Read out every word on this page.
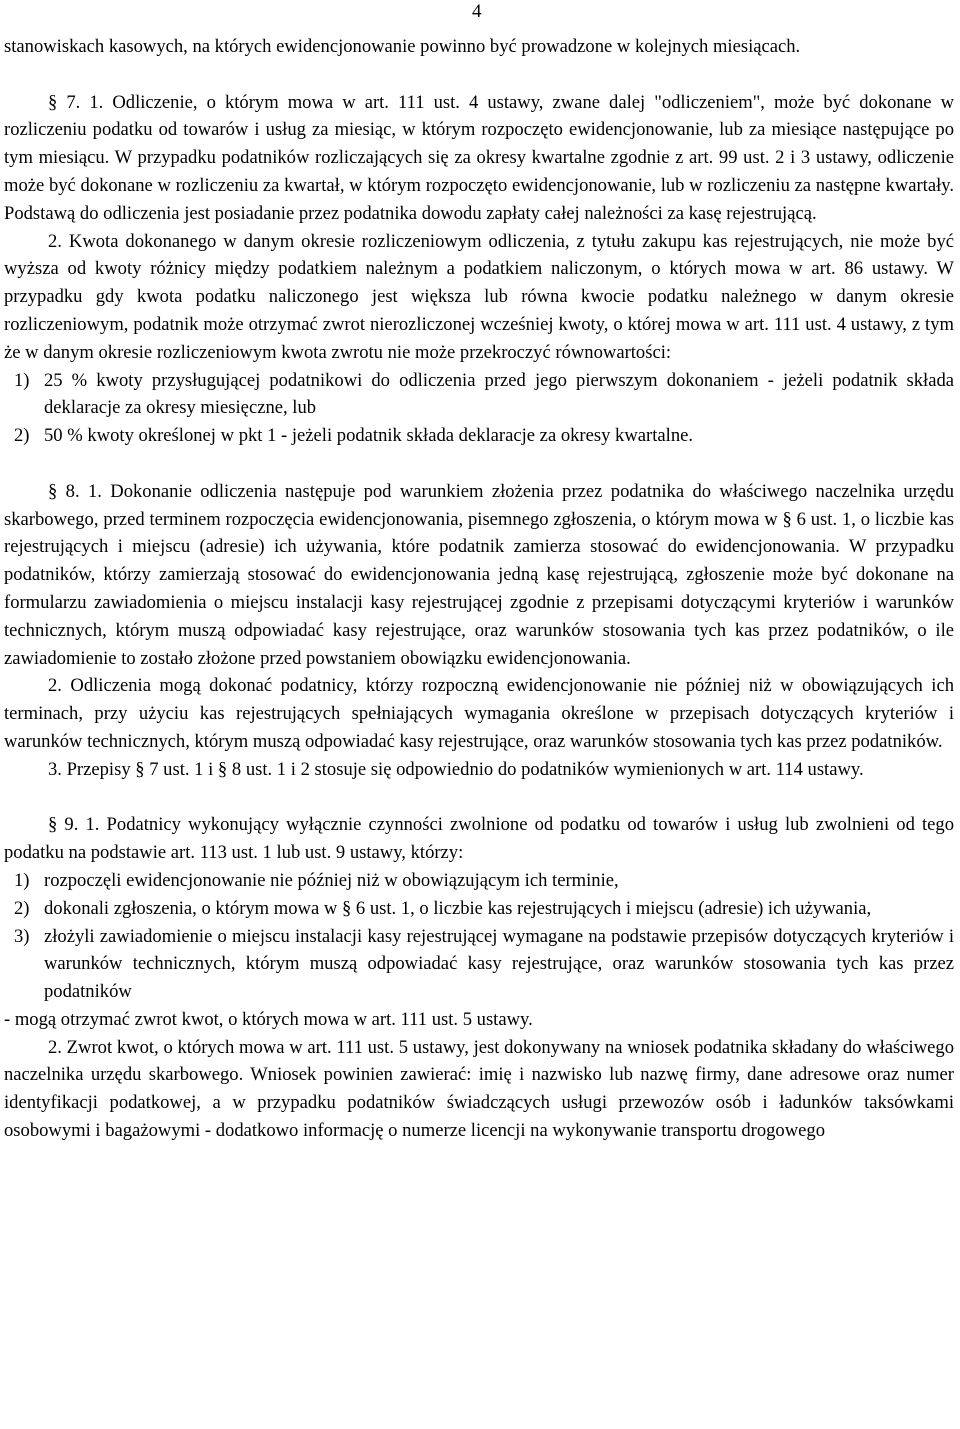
4

stanowiskach kasowych, na których ewidencjonowanie powinno być prowadzone w kolejnych miesiącach.

§ 7. 1. Odliczenie, o którym mowa w art. 111 ust. 4 ustawy, zwane dalej "odliczeniem", może być dokonane w rozliczeniu podatku od towarów i usług za miesiąc, w którym rozpoczęto ewidencjonowanie, lub za miesiące następujące po tym miesiącu. W przypadku podatników rozliczających się za okresy kwartalne zgodnie z art. 99 ust. 2 i 3 ustawy, odliczenie może być dokonane w rozliczeniu za kwartał, w którym rozpoczęto ewidencjonowanie, lub w rozliczeniu za następne kwartały. Podstawą do odliczenia jest posiadanie przez podatnika dowodu zapłaty całej należności za kasę rejestrującą.

2. Kwota dokonanego w danym okresie rozliczeniowym odliczenia, z tytułu zakupu kas rejestrujących, nie może być wyższa od kwoty różnicy między podatkiem należnym a podatkiem naliczonym, o których mowa w art. 86 ustawy. W przypadku gdy kwota podatku naliczonego jest większa lub równa kwocie podatku należnego w danym okresie rozliczeniowym, podatnik może otrzymać zwrot nierozliczonej wcześniej kwoty, o której mowa w art. 111 ust. 4 ustawy, z tym że w danym okresie rozliczeniowym kwota zwrotu nie może przekroczyć równowartości:

1) 25 % kwoty przysługującej podatnikowi do odliczenia przed jego pierwszym dokonaniem - jeżeli podatnik składa deklaracje za okresy miesięczne, lub
2) 50 % kwoty określonej w pkt 1 - jeżeli podatnik składa deklaracje za okresy kwartalne.

§ 8. 1. Dokonanie odliczenia następuje pod warunkiem złożenia przez podatnika do właściwego naczelnika urzędu skarbowego, przed terminem rozpoczęcia ewidencjonowania, pisemnego zgłoszenia, o którym mowa w § 6 ust. 1, o liczbie kas rejestrujących i miejscu (adresie) ich używania, które podatnik zamierza stosować do ewidencjonowania. W przypadku podatników, którzy zamierzają stosować do ewidencjonowania jedną kasę rejestrującą, zgłoszenie może być dokonane na formularzu zawiadomienia o miejscu instalacji kasy rejestrującej zgodnie z przepisami dotyczącymi kryteriów i warunków technicznych, którym muszą odpowiadać kasy rejestrujące, oraz warunków stosowania tych kas przez podatników, o ile zawiadomienie to zostało złożone przed powstaniem obowiązku ewidencjonowania.

2. Odliczenia mogą dokonać podatnicy, którzy rozpoczną ewidencjonowanie nie później niż w obowiązujących ich terminach, przy użyciu kas rejestrujących spełniających wymagania określone w przepisach dotyczących kryteriów i warunków technicznych, którym muszą odpowiadać kasy rejestrujące, oraz warunków stosowania tych kas przez podatników.

3. Przepisy § 7 ust. 1 i § 8 ust. 1 i 2 stosuje się odpowiednio do podatników wymienionych w art. 114 ustawy.

§ 9. 1. Podatnicy wykonujący wyłącznie czynności zwolnione od podatku od towarów i usług lub zwolnieni od tego podatku na podstawie art. 113 ust. 1 lub ust. 9 ustawy, którzy:

1) rozpoczęli ewidencjonowanie nie później niż w obowiązującym ich terminie,
2) dokonali zgłoszenia, o którym mowa w § 6 ust. 1, o liczbie kas rejestrujących i miejscu (adresie) ich używania,
3) złożyli zawiadomienie o miejscu instalacji kasy rejestrującej wymagane na podstawie przepisów dotyczących kryteriów i warunków technicznych, którym muszą odpowiadać kasy rejestrujące, oraz warunków stosowania tych kas przez podatników

- mogą otrzymać zwrot kwot, o których mowa w art. 111 ust. 5 ustawy.

2. Zwrot kwot, o których mowa w art. 111 ust. 5 ustawy, jest dokonywany na wniosek podatnika składany do właściwego naczelnika urzędu skarbowego. Wniosek powinien zawierać: imię i nazwisko lub nazwę firmy, dane adresowe oraz numer identyfikacji podatkowej, a w przypadku podatników świadczących usługi przewozów osób i ładunków taksówkami osobowymi i bagażowymi - dodatkowo informację o numerze licencji na wykonywanie transportu drogowego
